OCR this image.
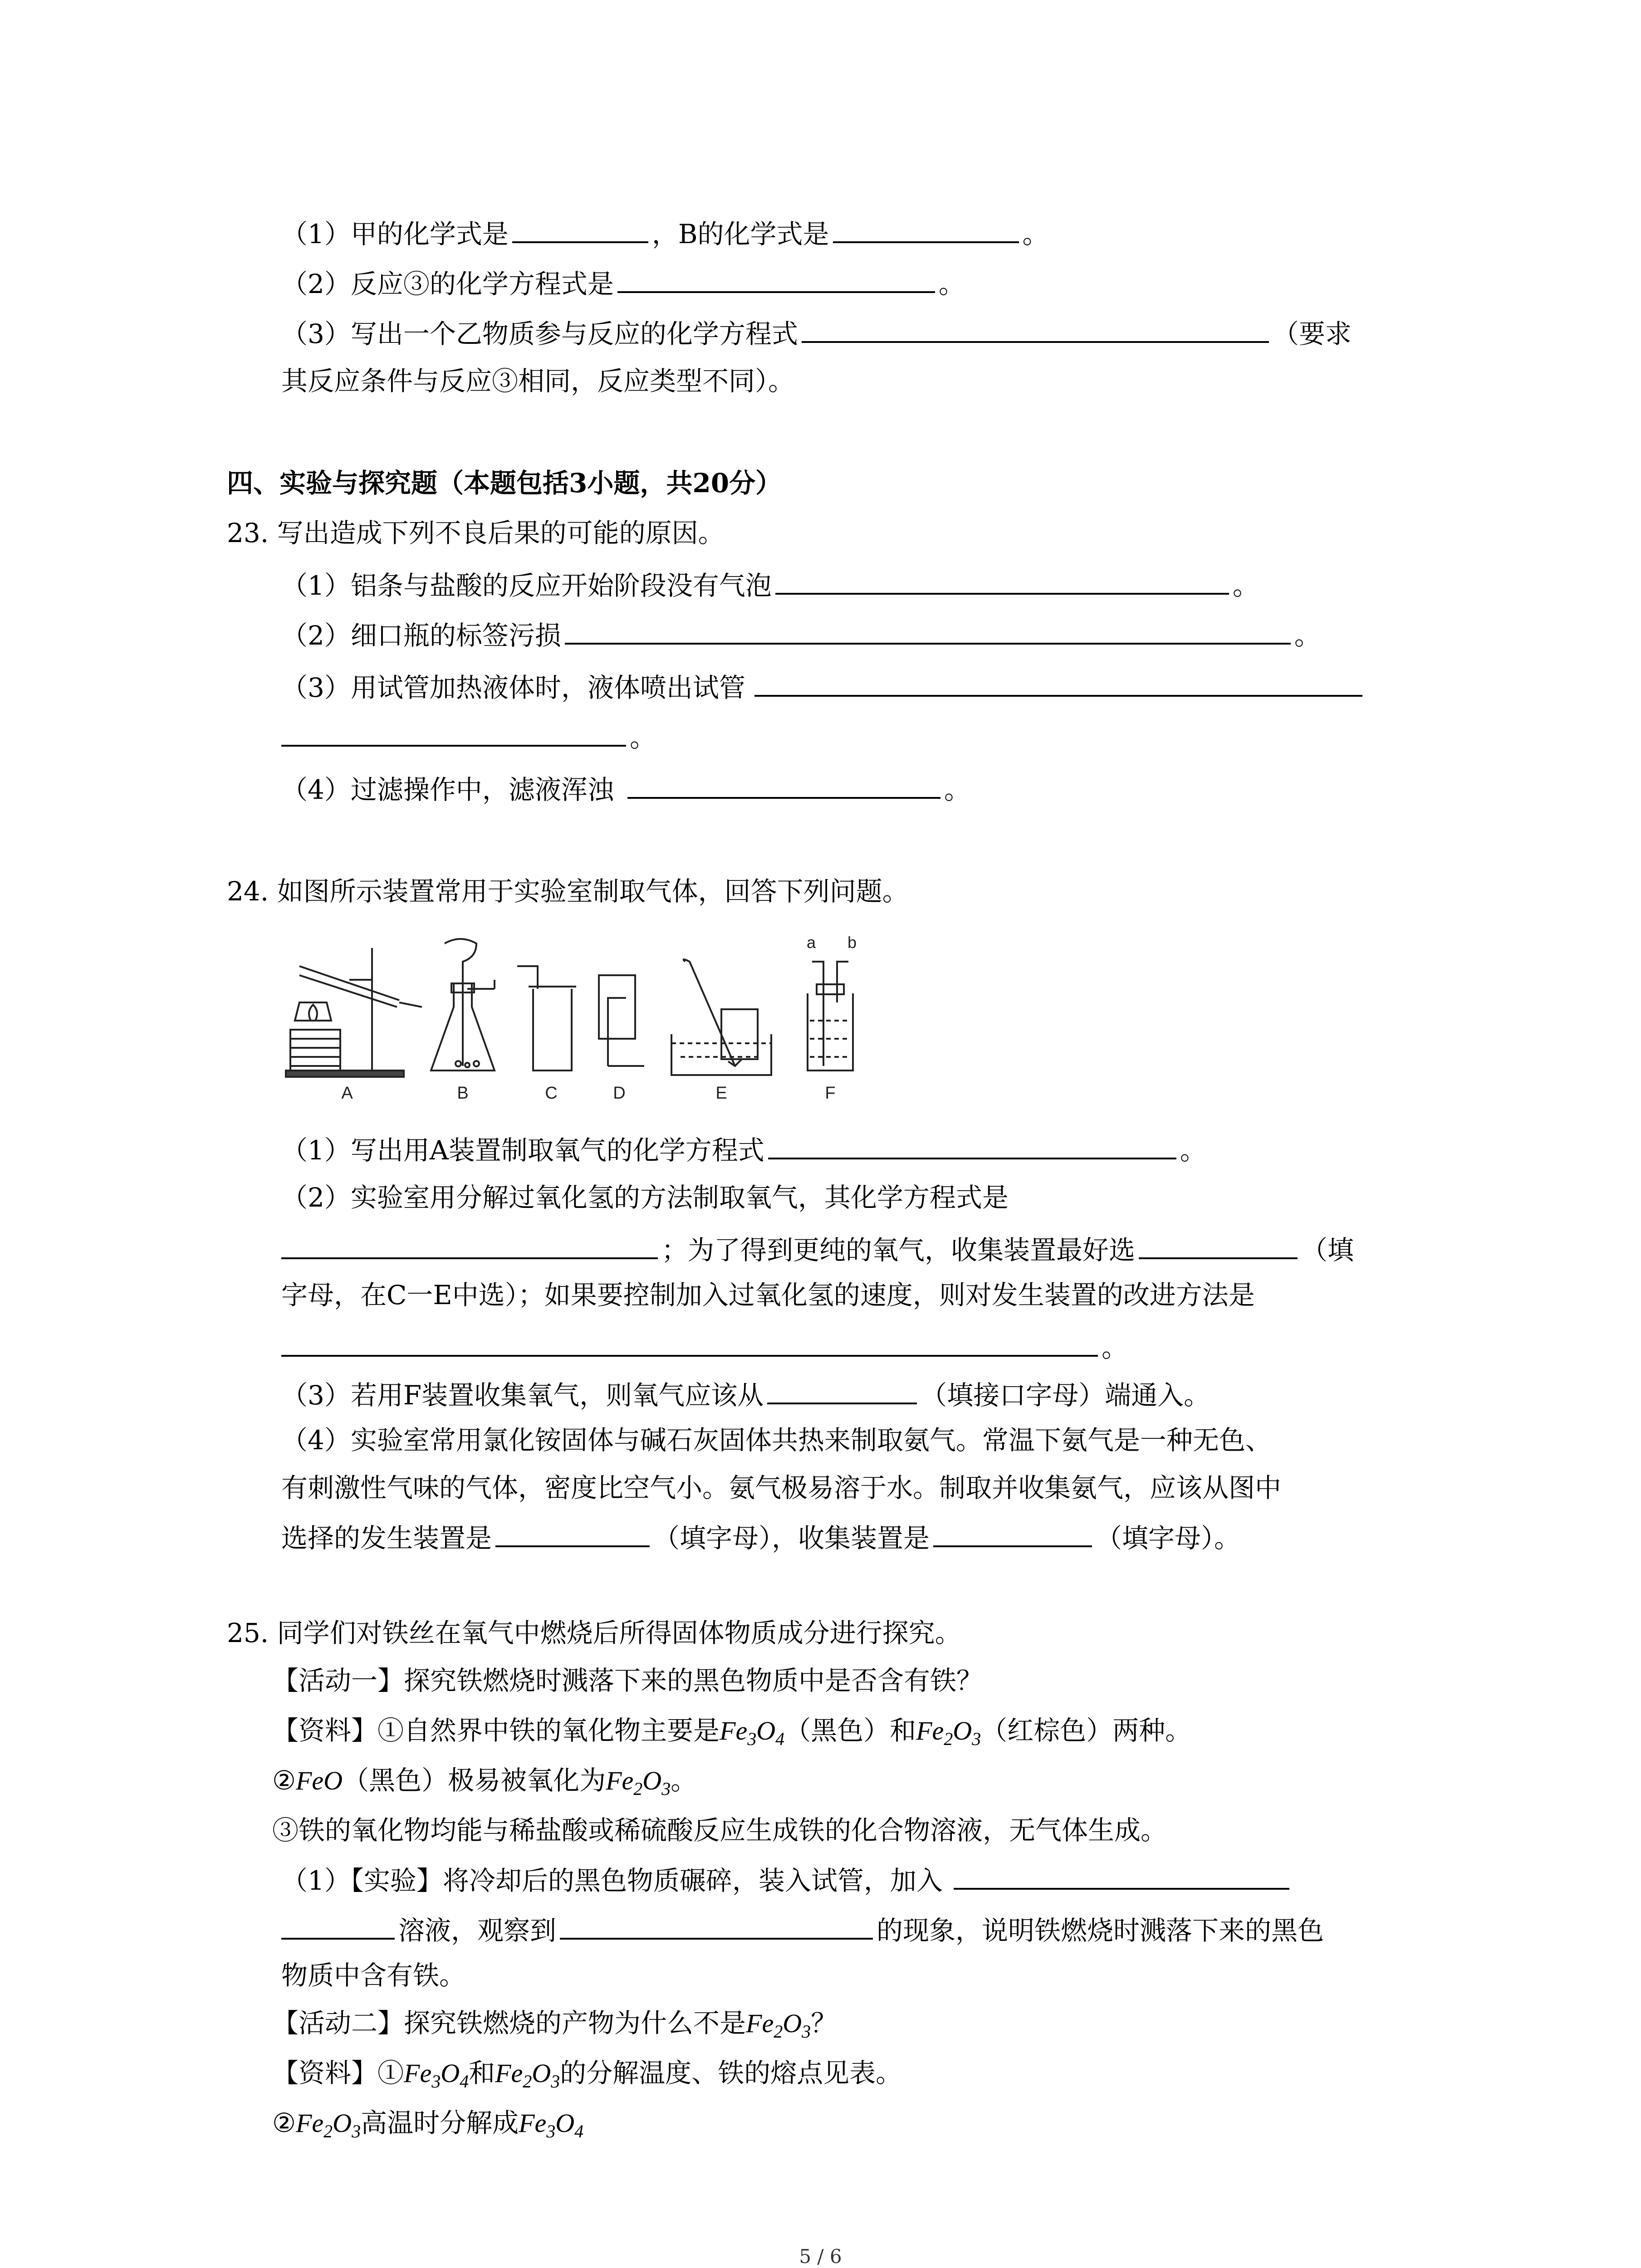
（1）甲的化学式是	，B的化学式是	。
（2）反应③的化学方程式是	。
（3）写出一个乙物质参与反应的化学方程式	（要求
其反应条件与反应③相同，反应类型不同）。
四、实验与探究题（本题包括3小题，共20分）
23. 写出造成下列不良后果的可能的原因。
（1）铝条与盐酸的反应开始阶段没有气泡	。
（2）细口瓶的标签污损	。
（3）用试管加热液体时，液体喷出试管
。
（4）过滤操作中，滤液浑浊	。
24. 如图所示装置常用于实验室制取气体，回答下列问题。
a b
A	B	C	D	E	F
（1）写出用A装置制取氧气的化学方程式	。
（2）实验室用分解过氧化氢的方法制取氧气，其化学方程式是
；为了得到更纯的氧气，收集装置最好选	（填
字母，在C一E中选）；如果要控制加入过氧化氢的速度，则对发生装置的改进方法是
。
（3）若用F装置收集氧气，则氧气应该从	（填接口字母）端通入。
（4）实验室常用氯化铵固体与碱石灰固体共热来制取氨气。常温下氨气是一种无色、
有刺激性气味的气体，密度比空气小。氨气极易溶于水。制取并收集氨气，应该从图中
选择的发生装置是	（填字母），收集装置是	（填字母）。
25. 同学们对铁丝在氧气中燃烧后所得固体物质成分进行探究。
【活动一】探究铁燃烧时溅落下来的黑色物质中是否含有铁？
【资料】①自然界中铁的氧化物主要是$Fe_3O_4$（黑色）和$Fe_2O_3$（红棕色）两种。
②FeO（黑色）极易被氧化为$Fe_2O_3$。
③铁的氧化物均能与稀盐酸或稀硫酸反应生成铁的化合物溶液，无气体生成。
（1）【实验】将冷却后的黑色物质碾碎，装入试管，加入
溶液，观察到	的现象，说明铁燃烧时溅落下来的黑色
物质中含有铁。
【活动二】探究铁燃烧的产物为什么不是$Fe_2O_3$？
【资料】$①Fe_3O_4$和$Fe_2O_3$的分解温度、铁的熔点见表。
$②Fe_2O_3$高温时分解成$Fe_3O_4$
5 / 6
